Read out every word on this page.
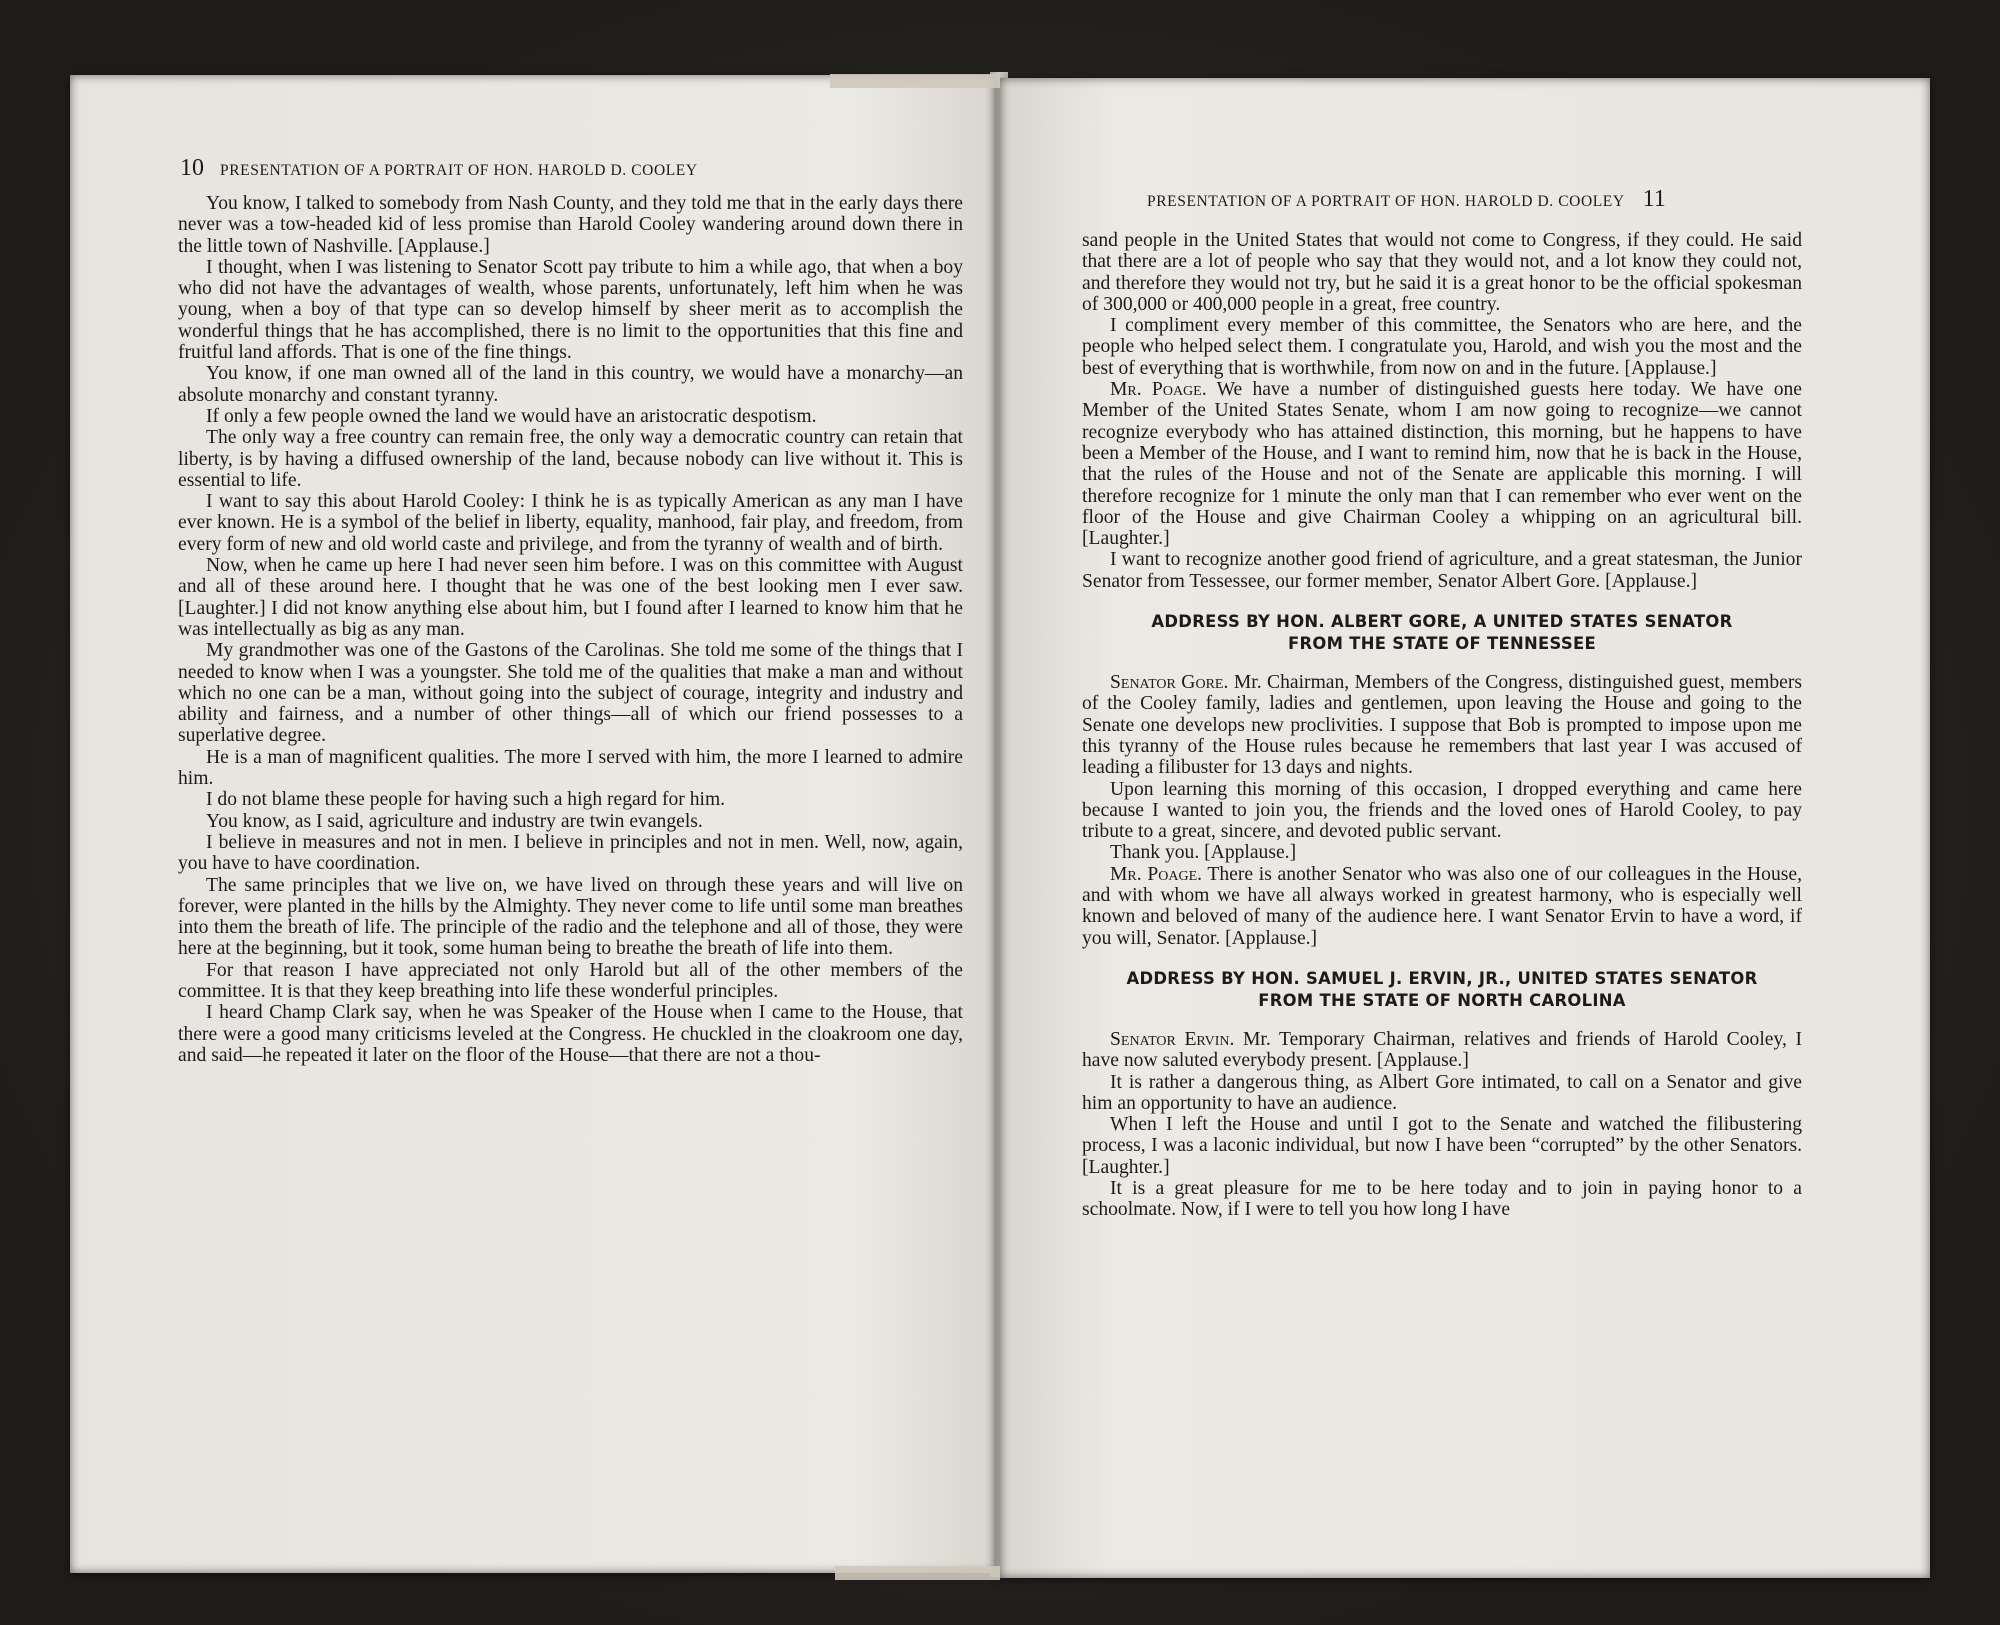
10 PRESENTATION OF A PORTRAIT OF HON. HAROLD D. COOLEY

You know, I talked to somebody from Nash County, and they told me that in the early days there never was a tow-headed kid of less promise than Harold Cooley wandering around down there in the little town of Nashville. [Applause.]

I thought, when I was listening to Senator Scott pay tribute to him a while ago, that when a boy who did not have the advantages of wealth, whose parents, unfortunately, left him when he was young, when a boy of that type can so develop himself by sheer merit as to accomplish the wonderful things that he has accomplished, there is no limit to the opportunities that this fine and fruitful land affords. That is one of the fine things.

You know, if one man owned all of the land in this country, we would have a monarchy—an absolute monarchy and constant tyranny.

If only a few people owned the land we would have an aristocratic despotism.

The only way a free country can remain free, the only way a democratic country can retain that liberty, is by having a diffused ownership of the land, because nobody can live without it. This is essential to life.

I want to say this about Harold Cooley: I think he is as typically American as any man I have ever known. He is a symbol of the belief in liberty, equality, manhood, fair play, and freedom, from every form of new and old world caste and privilege, and from the tyranny of wealth and of birth.

Now, when he came up here I had never seen him before. I was on this committee with August and all of these around here. I thought that he was one of the best looking men I ever saw. [Laughter.] I did not know anything else about him, but I found after I learned to know him that he was intellectually as big as any man.

My grandmother was one of the Gastons of the Carolinas. She told me some of the things that I needed to know when I was a youngster. She told me of the qualities that make a man and without which no one can be a man, without going into the subject of courage, integrity and industry and ability and fairness, and a number of other things—all of which our friend possesses to a superlative degree.

He is a man of magnificent qualities. The more I served with him, the more I learned to admire him.

I do not blame these people for having such a high regard for him.

You know, as I said, agriculture and industry are twin evangels.

I believe in measures and not in men. I believe in principles and not in men. Well, now, again, you have to have coordination.

The same principles that we live on, we have lived on through these years and will live on forever, were planted in the hills by the Almighty. They never come to life until some man breathes into them the breath of life. The principle of the radio and the telephone and all of those, they were here at the beginning, but it took, some human being to breathe the breath of life into them.

For that reason I have appreciated not only Harold but all of the other members of the committee. It is that they keep breathing into life these wonderful principles.

I heard Champ Clark say, when he was Speaker of the House when I came to the House, that there were a good many criticisms leveled at the Congress. He chuckled in the cloakroom one day, and said—he repeated it later on the floor of the House—that there are not a thou-

PRESENTATION OF A PORTRAIT OF HON. HAROLD D. COOLEY 11

sand people in the United States that would not come to Congress, if they could. He said that there are a lot of people who say that they would not, and a lot know they could not, and therefore they would not try, but he said it is a great honor to be the official spokesman of 300,000 or 400,000 people in a great, free country.

I compliment every member of this committee, the Senators who are here, and the people who helped select them. I congratulate you, Harold, and wish you the most and the best of everything that is worthwhile, from now on and in the future. [Applause.]

Mr. Poage. We have a number of distinguished guests here today. We have one Member of the United States Senate, whom I am now going to recognize—we cannot recognize everybody who has attained distinction, this morning, but he happens to have been a Member of the House, and I want to remind him, now that he is back in the House, that the rules of the House and not of the Senate are applicable this morning. I will therefore recognize for 1 minute the only man that I can remember who ever went on the floor of the House and give Chairman Cooley a whipping on an agricultural bill. [Laughter.]

I want to recognize another good friend of agriculture, and a great statesman, the Junior Senator from Tessessee, our former member, Senator Albert Gore. [Applause.]

ADDRESS BY HON. ALBERT GORE, A UNITED STATES SENATOR
FROM THE STATE OF TENNESSEE

Senator Gore. Mr. Chairman, Members of the Congress, distinguished guest, members of the Cooley family, ladies and gentlemen, upon leaving the House and going to the Senate one develops new proclivities. I suppose that Bob is prompted to impose upon me this tyranny of the House rules because he remembers that last year I was accused of leading a filibuster for 13 days and nights.

Upon learning this morning of this occasion, I dropped everything and came here because I wanted to join you, the friends and the loved ones of Harold Cooley, to pay tribute to a great, sincere, and devoted public servant.

Thank you. [Applause.]

Mr. Poage. There is another Senator who was also one of our colleagues in the House, and with whom we have all always worked in greatest harmony, who is especially well known and beloved of many of the audience here. I want Senator Ervin to have a word, if you will, Senator. [Applause.]

ADDRESS BY HON. SAMUEL J. ERVIN, JR., UNITED STATES SENATOR
FROM THE STATE OF NORTH CAROLINA

Senator Ervin. Mr. Temporary Chairman, relatives and friends of Harold Cooley, I have now saluted everybody present. [Applause.]

It is rather a dangerous thing, as Albert Gore intimated, to call on a Senator and give him an opportunity to have an audience.

When I left the House and until I got to the Senate and watched the filibustering process, I was a laconic individual, but now I have been “corrupted” by the other Senators. [Laughter.]

It is a great pleasure for me to be here today and to join in paying honor to a schoolmate. Now, if I were to tell you how long I have
